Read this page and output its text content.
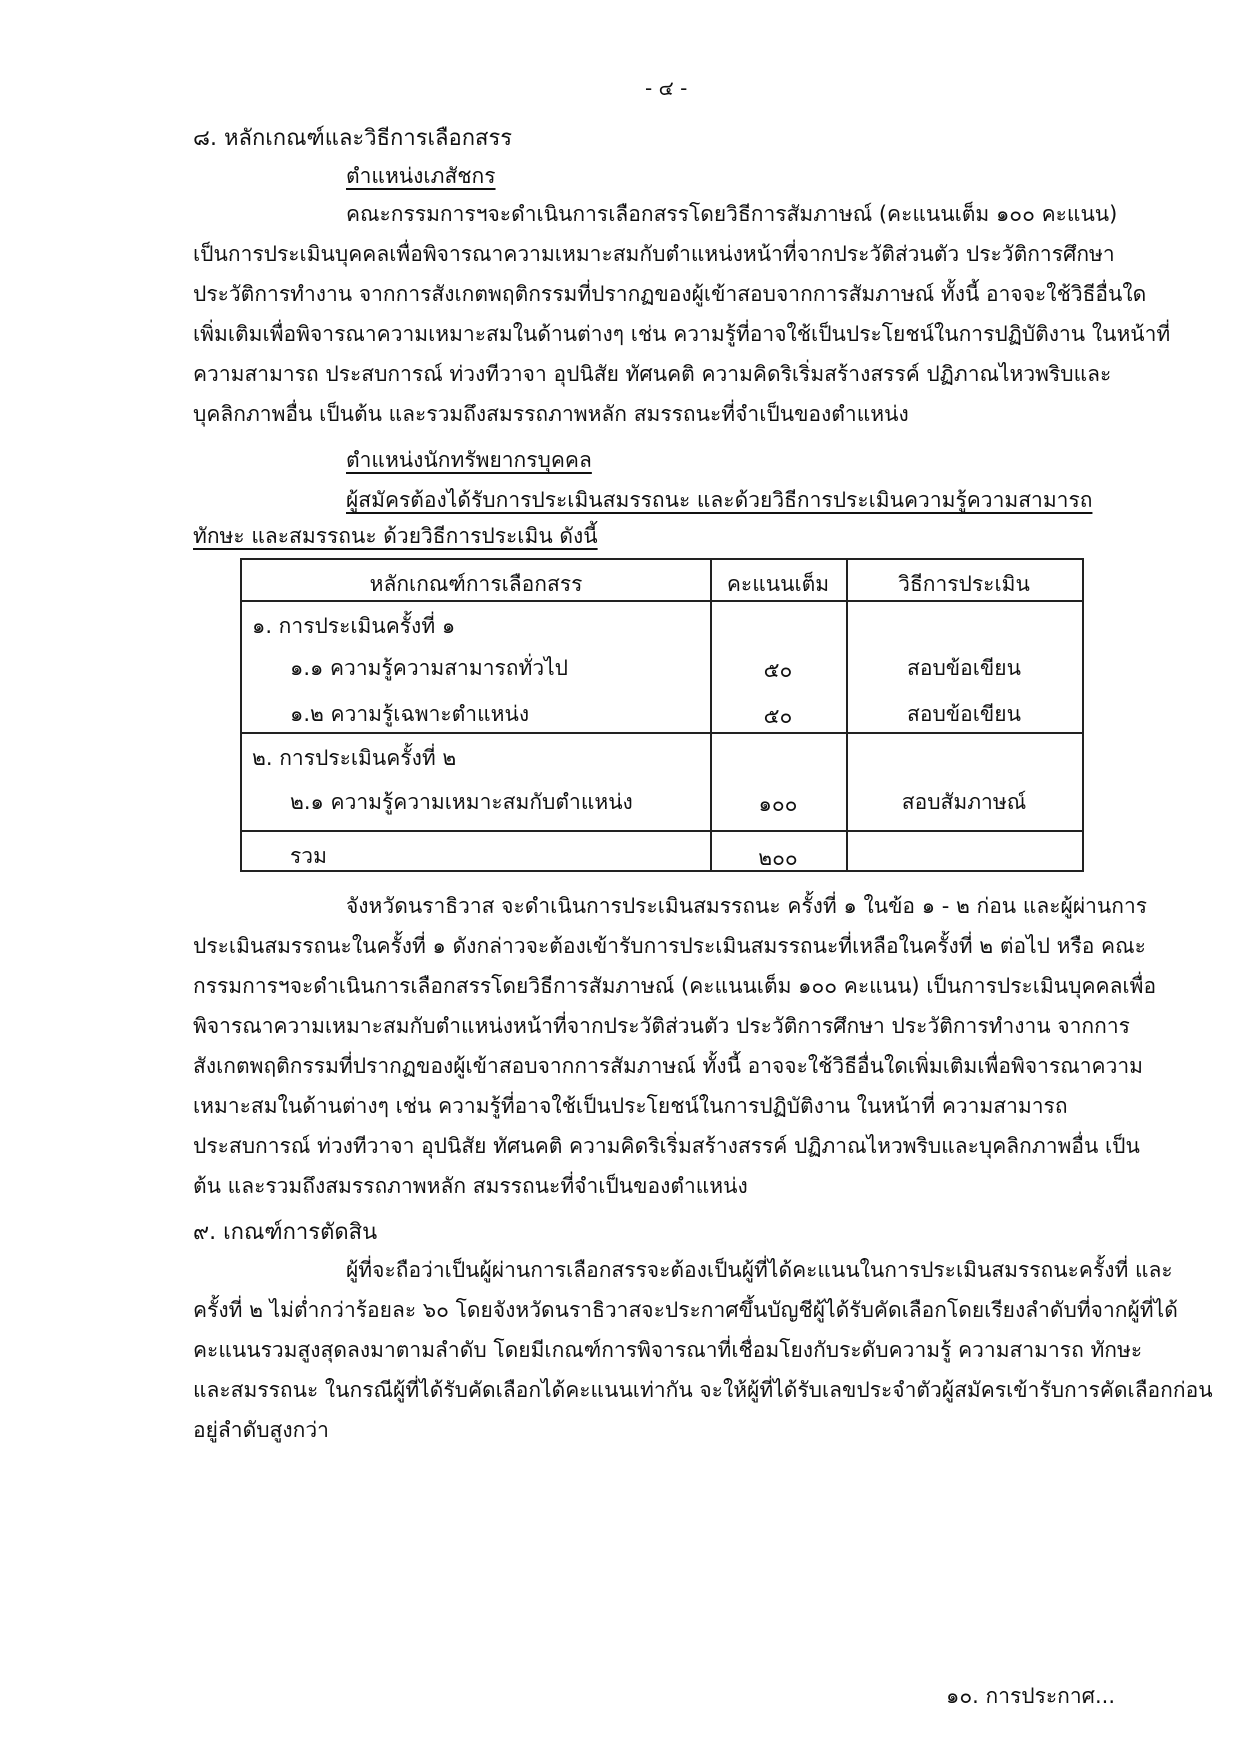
- ๔ -
๘. หลักเกณฑ์และวิธีการเลือกสรร
ตำแหน่งเภสัชกร
คณะกรรมการฯจะดำเนินการเลือกสรรโดยวิธีการสัมภาษณ์ (คะแนนเต็ม ๑๐๐ คะแนน)
เป็นการประเมินบุคคลเพื่อพิจารณาความเหมาะสมกับตำแหน่งหน้าที่จากประวัติส่วนตัว ประวัติการศึกษา
ประวัติการทำงาน จากการสังเกตพฤติกรรมที่ปรากฏของผู้เข้าสอบจากการสัมภาษณ์ ทั้งนี้ อาจจะใช้วิธีอื่นใด
เพิ่มเติมเพื่อพิจารณาความเหมาะสมในด้านต่างๆ เช่น ความรู้ที่อาจใช้เป็นประโยชน์ในการปฏิบัติงาน ในหน้าที่
ความสามารถ ประสบการณ์ ท่วงทีวาจา อุปนิสัย ทัศนคติ ความคิดริเริ่มสร้างสรรค์ ปฏิภาณไหวพริบและ
บุคลิกภาพอื่น เป็นต้น และรวมถึงสมรรถภาพหลัก สมรรถนะที่จำเป็นของตำแหน่ง
ตำแหน่งนักทรัพยากรบุคคล
ผู้สมัครต้องได้รับการประเมินสมรรถนะ และด้วยวิธีการประเมินความรู้ความสามารถ
ทักษะ และสมรรถนะ ด้วยวิธีการประเมิน ดังนี้
หลักเกณฑ์การเลือกสรร	คะแนนเต็ม	วิธีการประเมิน
๑. การประเมินครั้งที่ ๑
๑.๑ ความรู้ความสามารถทั่วไป	๕๐	สอบข้อเขียน
๑.๒ ความรู้เฉพาะตำแหน่ง	๕๐	สอบข้อเขียน
๒. การประเมินครั้งที่ ๒
๒.๑ ความรู้ความเหมาะสมกับตำแหน่ง	๑๐๐	สอบสัมภาษณ์
รวม	๒๐๐
จังหวัดนราธิวาส จะดำเนินการประเมินสมรรถนะ ครั้งที่ ๑ ในข้อ ๑ - ๒ ก่อน และผู้ผ่านการ
ประเมินสมรรถนะในครั้งที่ ๑ ดังกล่าวจะต้องเข้ารับการประเมินสมรรถนะที่เหลือในครั้งที่ ๒ ต่อไป หรือ คณะ
กรรมการฯจะดำเนินการเลือกสรรโดยวิธีการสัมภาษณ์ (คะแนนเต็ม ๑๐๐ คะแนน) เป็นการประเมินบุคคลเพื่อ
พิจารณาความเหมาะสมกับตำแหน่งหน้าที่จากประวัติส่วนตัว ประวัติการศึกษา ประวัติการทำงาน จากการ
สังเกตพฤติกรรมที่ปรากฏของผู้เข้าสอบจากการสัมภาษณ์ ทั้งนี้ อาจจะใช้วิธีอื่นใดเพิ่มเติมเพื่อพิจารณาความ
เหมาะสมในด้านต่างๆ เช่น ความรู้ที่อาจใช้เป็นประโยชน์ในการปฏิบัติงาน ในหน้าที่ ความสามารถ
ประสบการณ์ ท่วงทีวาจา อุปนิสัย ทัศนคติ ความคิดริเริ่มสร้างสรรค์ ปฏิภาณไหวพริบและบุคลิกภาพอื่น เป็น
ต้น และรวมถึงสมรรถภาพหลัก สมรรถนะที่จำเป็นของตำแหน่ง
๙. เกณฑ์การตัดสิน
ผู้ที่จะถือว่าเป็นผู้ผ่านการเลือกสรรจะต้องเป็นผู้ที่ได้คะแนนในการประเมินสมรรถนะครั้งที่ และ
ครั้งที่ ๒ ไม่ต่ำกว่าร้อยละ ๖๐ โดยจังหวัดนราธิวาสจะประกาศขึ้นบัญชีผู้ได้รับคัดเลือกโดยเรียงลำดับที่จากผู้ที่ได้
คะแนนรวมสูงสุดลงมาตามลำดับ โดยมีเกณฑ์การพิจารณาที่เชื่อมโยงกับระดับความรู้ ความสามารถ ทักษะ
และสมรรถนะ ในกรณีผู้ที่ได้รับคัดเลือกได้คะแนนเท่ากัน จะให้ผู้ที่ได้รับเลขประจำตัวผู้สมัครเข้ารับการคัดเลือกก่อน
อยู่ลำดับสูงกว่า
๑๐. การประกาศ...
